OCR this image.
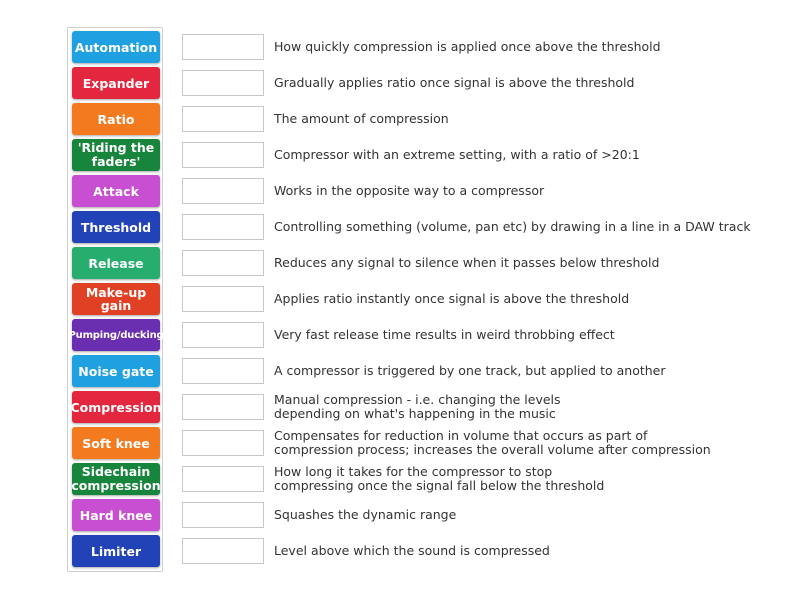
Automation
Expander
Ratio
'Riding the
faders'
Attack
Threshold
Release
Make-up gain
Pumping/ducking
Noise gate
Compression
Soft knee
Sidechain
compression
Hard knee
Limiter
How quickly compression is applied once above the threshold
Gradually applies ratio once signal is above the threshold
The amount of compression
Compressor with an extreme setting, with a ratio of >20:1
Works in the opposite way to a compressor
Controlling something (volume, pan etc) by drawing in a line in a DAW track
Reduces any signal to silence when it passes below threshold
Applies ratio instantly once signal is above the threshold
Very fast release time results in weird throbbing effect
A compressor is triggered by one track, but applied to another
Manual compression - i.e. changing the levels
depending on what's happening in the music
Compensates for reduction in volume that occurs as part of
compression process; increases the overall volume after compression
How long it takes for the compressor to stop
compressing once the signal fall below the threshold
Squashes the dynamic range
Level above which the sound is compressed
